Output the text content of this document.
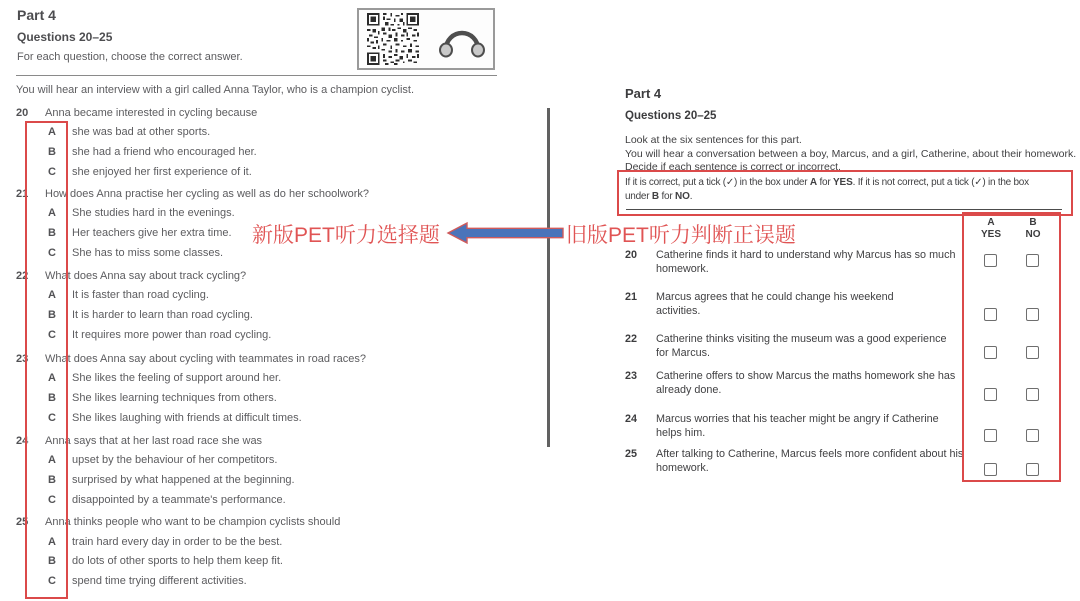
Part 4
Questions 20–25
For each question, choose the correct answer.
You will hear an interview with a girl called Anna Taylor, who is a champion cyclist.
20 Anna became interested in cycling because
A she was bad at other sports.
B she had a friend who encouraged her.
C she enjoyed her first experience of it.
21 How does Anna practise her cycling as well as do her schoolwork?
A She studies hard in the evenings.
B Her teachers give her extra time.
C She has to miss some classes.
22 What does Anna say about track cycling?
A It is faster than road cycling.
B It is harder to learn than road cycling.
C It requires more power than road cycling.
23 What does Anna say about cycling with teammates in road races?
A She likes the feeling of support around her.
B She likes learning techniques from others.
C She likes laughing with friends at difficult times.
24 Anna says that at her last road race she was
A upset by the behaviour of her competitors.
B surprised by what happened at the beginning.
C disappointed by a teammate's performance.
25 Anna thinks people who want to be champion cyclists should
A train hard every day in order to be the best.
B do lots of other sports to help them keep fit.
C spend time trying different activities.
新版PET听力选择题	旧版PET听力判断正误题
Part 4
Questions 20–25
Look at the six sentences for this part.
You will hear a conversation between a boy, Marcus, and a girl, Catherine, about their homework.
Decide if each sentence is correct or incorrect.
If it is correct, put a tick (✓) in the box under A for YES. If it is not correct, put a tick (✓) in the box
under B for NO.
20 Catherine finds it hard to understand why Marcus has so much
homework.
21 Marcus agrees that he could change his weekend
activities.
22 Catherine thinks visiting the museum was a good experience
for Marcus.
23 Catherine offers to show Marcus the maths homework she has
already done.
24 Marcus worries that his teacher might be angry if Catherine
helps him.
25 After talking to Catherine, Marcus feels more confident about his
homework.
A
YES
B
NO
